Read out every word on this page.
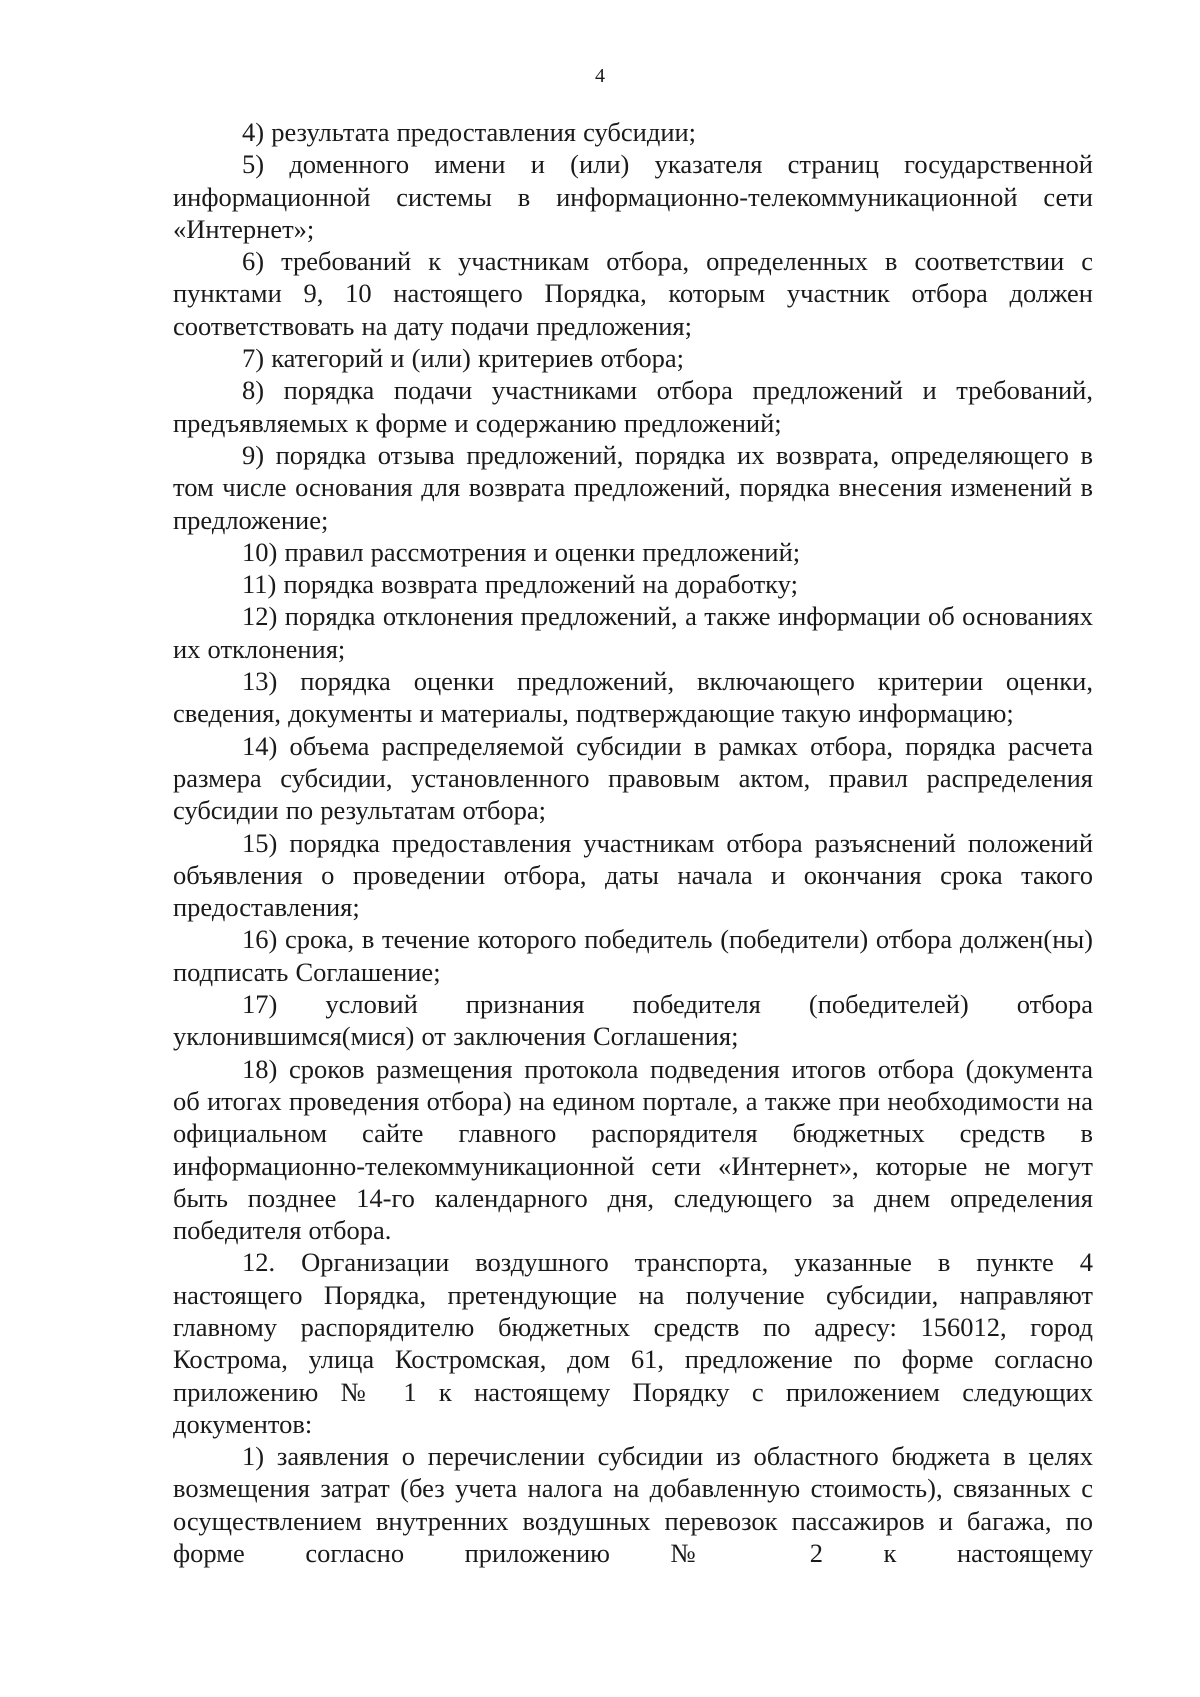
4

4) результата предоставления субсидии;

5) доменного имени и (или) указателя страниц государственной информационной системы в информационно-телекоммуникационной сети «Интернет»;

6) требований к участникам отбора, определенных в соответствии с пунктами 9, 10 настоящего Порядка, которым участник отбора должен соответствовать на дату подачи предложения;

7) категорий и (или) критериев отбора;

8) порядка подачи участниками отбора предложений и требований, предъявляемых к форме и содержанию предложений;

9) порядка отзыва предложений, порядка их возврата, определяющего в том числе основания для возврата предложений, порядка внесения изменений в предложение;

10) правил рассмотрения и оценки предложений;

11) порядка возврата предложений на доработку;

12) порядка отклонения предложений, а также информации об основаниях их отклонения;

13) порядка оценки предложений, включающего критерии оценки, сведения, документы и материалы, подтверждающие такую информацию;

14) объема распределяемой субсидии в рамках отбора, порядка расчета размера субсидии, установленного правовым актом, правил распределения субсидии по результатам отбора;

15) порядка предоставления участникам отбора разъяснений положений объявления о проведении отбора, даты начала и окончания срока такого предоставления;

16) срока, в течение которого победитель (победители) отбора должен(ны) подписать Соглашение;

17) условий признания победителя (победителей) отбора уклонившимся(мися) от заключения Соглашения;

18) сроков размещения протокола подведения итогов отбора (документа об итогах проведения отбора) на едином портале, а также при необходимости на официальном сайте главного распорядителя бюджетных средств в информационно-телекоммуникационной сети «Интернет», которые не могут быть позднее 14-го календарного дня, следующего за днем определения победителя отбора.

12. Организации воздушного транспорта, указанные в пункте 4 настоящего Порядка, претендующие на получение субсидии, направляют главному распорядителю бюджетных средств по адресу: 156012, город Кострома, улица Костромская, дом 61, предложение по форме согласно приложению № 1 к настоящему Порядку с приложением следующих документов:

1) заявления о перечислении субсидии из областного бюджета в целях возмещения затрат (без учета налога на добавленную стоимость), связанных с осуществлением внутренних воздушных перевозок пассажиров и багажа, по форме согласно приложению № 2 к настоящему
